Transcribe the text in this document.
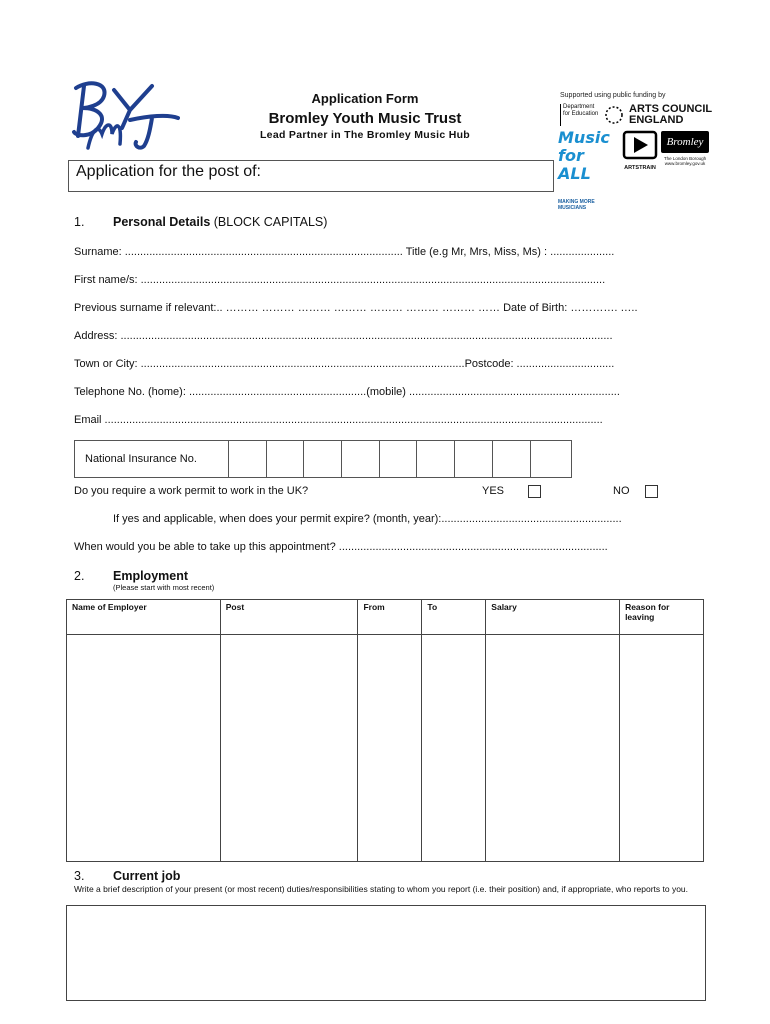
Application Form
Bromley Youth Music Trust
Lead Partner in The Bromley Music Hub
Supported using public funding by
Department for Education	ARTS COUNCIL
ENGLAND
Music for ALL
MAKING MORE MUSICIANS
ARTSTRAIN
Bromley
The London Borough www.bromley.gov.uk
Application for the post of:
1. Personal Details (BLOCK CAPITALS)
Surname: ........................................................................................... Title (e.g Mr, Mrs, Miss, Ms) : .....................
First name/s: ........................................................................................................................................................
Previous surname if relevant:.. ……… ……… ……… ……… ……… ……… ……… …… Date of Birth: …………. …..
Address: .................................................................................................................................................................
Town or City: ..........................................................................................................Postcode: ................................
Telephone No. (home): ..........................................................(mobile) .....................................................................
Email ...................................................................................................................................................................
National Insurance No.
Do you require a work permit to work in the UK?	YES	NO
If yes and applicable, when does your permit expire? (month, year):...........................................................
When would you be able to take up this appointment? ........................................................................................
2. Employment
(Please start with most recent)
Name of Employer	Post	From	To	Salary	Reason for leaving

3. Current job
Write a brief description of your present (or most recent) duties/responsibilities stating to whom you report (i.e. their position) and, if appropriate, who reports to you.
